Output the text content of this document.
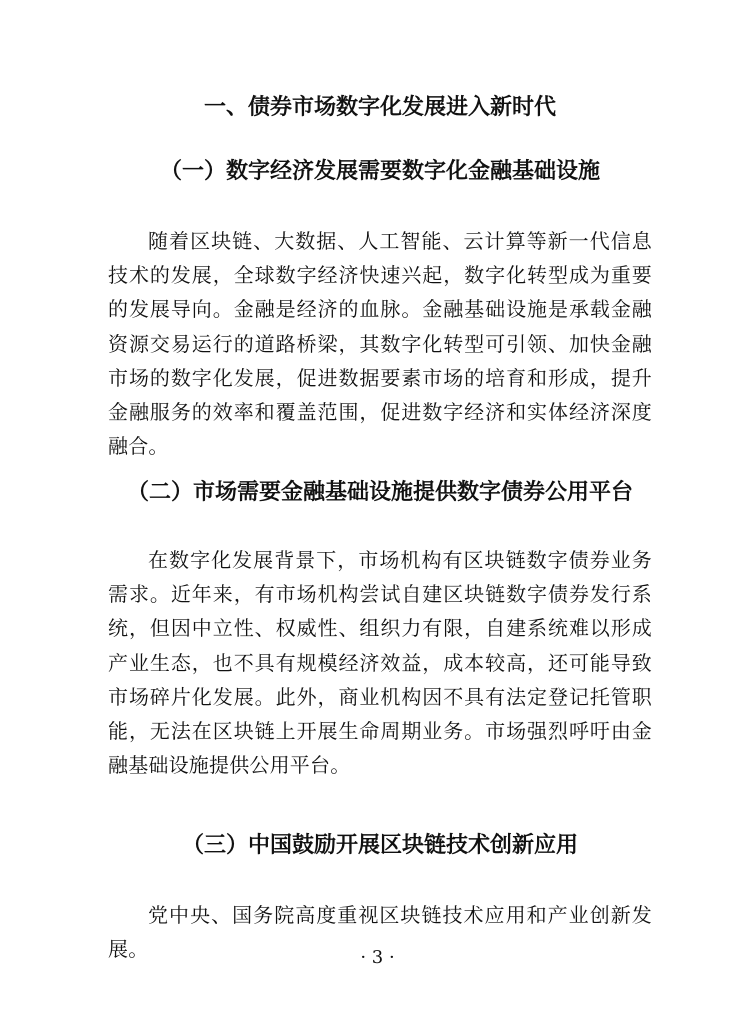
一、债券市场数字化发展进入新时代
（一）数字经济发展需要数字化金融基础设施

随着区块链、大数据、人工智能、云计算等新一代信息技术的发展，全球数字经济快速兴起，数字化转型成为重要的发展导向。金融是经济的血脉。金融基础设施是承载金融资源交易运行的道路桥梁，其数字化转型可引领、加快金融市场的数字化发展，促进数据要素市场的培育和形成，提升金融服务的效率和覆盖范围，促进数字经济和实体经济深度融合。

（二）市场需要金融基础设施提供数字债券公用平台

在数字化发展背景下，市场机构有区块链数字债券业务需求。近年来，有市场机构尝试自建区块链数字债券发行系统，但因中立性、权威性、组织力有限，自建系统难以形成产业生态，也不具有规模经济效益，成本较高，还可能导致市场碎片化发展。此外，商业机构因不具有法定登记托管职能，无法在区块链上开展生命周期业务。市场强烈呼吁由金融基础设施提供公用平台。

（三）中国鼓励开展区块链技术创新应用

党中央、国务院高度重视区块链技术应用和产业创新发展。	· 3 ·
